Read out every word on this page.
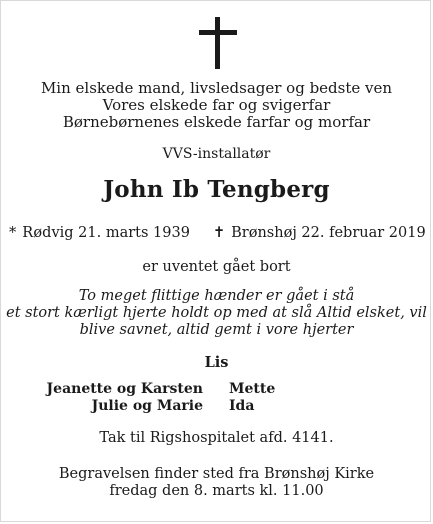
Min elskede mand, livsledsager og bedste ven
Vores elskede far og svigerfar
Børnebørnenes elskede farfar og morfar
VVS-installatør
John Ib Tengberg
* Rødvig 21. marts 1939 ✝ Brønshøj 22. februar 2019
er uventet gået bort
To meget flittige hænder er gået i stå
et stort kærligt hjerte holdt op med at slå Altid elsket, vil
blive savnet, altid gemt i vore hjerter
Lis
Jeanette og Karsten
Julie og Marie
Mette
Ida
Tak til Rigshospitalet afd. 4141.
Begravelsen finder sted fra Brønshøj Kirke
fredag den 8. marts kl. 11.00
